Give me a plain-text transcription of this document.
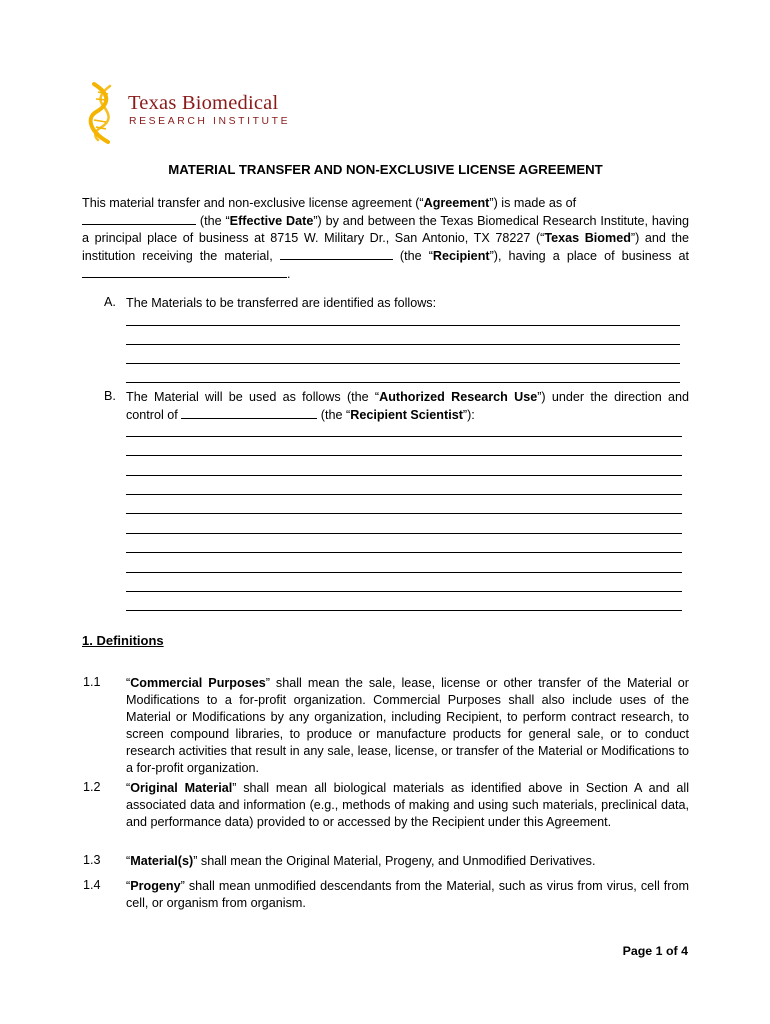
Texas Biomedical
RESEARCH INSTITUTE
MATERIAL TRANSFER AND NON-EXCLUSIVE LICENSE AGREEMENT
This material transfer and non-exclusive license agreement (“Agreement”) is made as of
(the “Effective Date”) by and between the Texas Biomedical Research Institute, having a principal place of business at 8715 W. Military Dr., San Antonio, TX 78227 (“Texas Biomed”) and the institution receiving the material,	(the “Recipient”), having a place of business at .
A. The Materials to be transferred are identified as follows:
B. The Material will be used as follows (the “Authorized Research Use”) under the direction and control of	(the “Recipient Scientist”):
1. Definitions
1.1 “Commercial Purposes” shall mean the sale, lease, license or other transfer of the Material or Modifications to a for-profit organization. Commercial Purposes shall also include uses of the Material or Modifications by any organization, including Recipient, to perform contract research, to screen compound libraries, to produce or manufacture products for general sale, or to conduct research activities that result in any sale, lease, license, or transfer of the Material or Modifications to a for-profit organization.
1.2 “Original Material” shall mean all biological materials as identified above in Section A and all associated data and information (e.g., methods of making and using such materials, preclinical data, and performance data) provided to or accessed by the Recipient under this Agreement.
1.3 “Material(s)” shall mean the Original Material, Progeny, and Unmodified Derivatives.
1.4 “Progeny” shall mean unmodified descendants from the Material, such as virus from virus, cell from cell, or organism from organism.
Page 1 of 4
